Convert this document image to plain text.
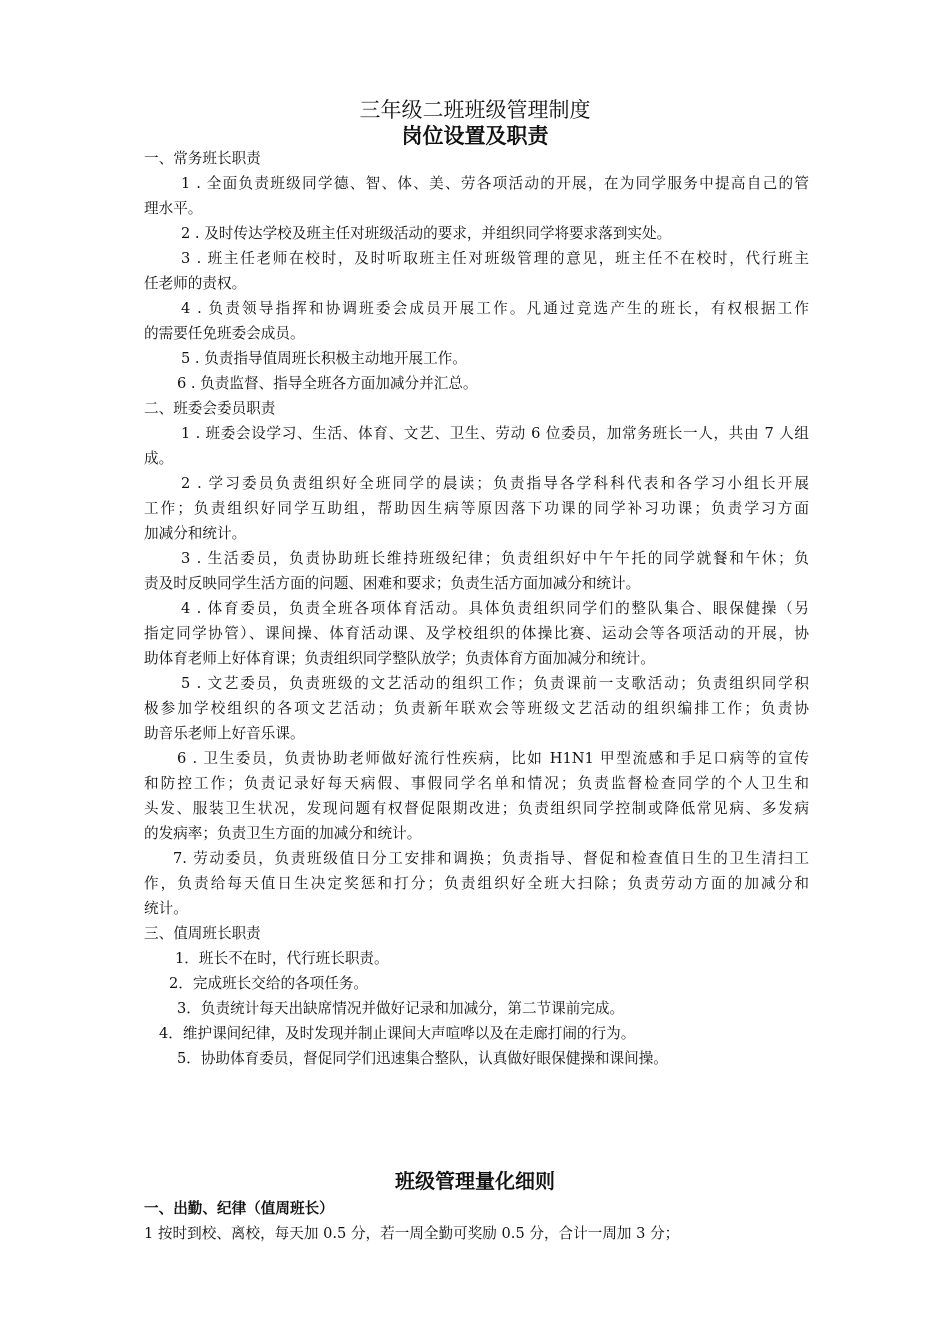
三年级二班班级管理制度
岗位设置及职责
一、常务班长职责
1 . 全面负责班级同学德、智、体、美、劳各项活动的开展，在为同学服务中提高自己的管
理水平。
2 . 及时传达学校及班主任对班级活动的要求，并组织同学将要求落到实处。
3 . 班主任老师在校时，及时听取班主任对班级管理的意见，班主任不在校时，代行班主
任老师的责权。
4 . 负责领导指挥和协调班委会成员开展工作。凡通过竞选产生的班长，有权根据工作
的需要任免班委会成员。
5 . 负责指导值周班长积极主动地开展工作。
6 . 负责监督、指导全班各方面加减分并汇总。
二、班委会委员职责
1 . 班委会设学习、生活、体育、文艺、卫生、劳动 6 位委员，加常务班长一人，共由 7 人组
成。
2 . 学习委员负责组织好全班同学的晨读；负责指导各学科科代表和各学习小组长开展
工作；负责组织好同学互助组，帮助因生病等原因落下功课的同学补习功课；负责学习方面
加减分和统计。
3 . 生活委员，负责协助班长维持班级纪律；负责组织好中午午托的同学就餐和午休；负
责及时反映同学生活方面的问题、困难和要求；负责生活方面加减分和统计。
4 . 体育委员，负责全班各项体育活动。具体负责组织同学们的整队集合、眼保健操（另
指定同学协管）、课间操、体育活动课、及学校组织的体操比赛、运动会等各项活动的开展，协
助体育老师上好体育课；负责组织同学整队放学；负责体育方面加减分和统计。
5 . 文艺委员，负责班级的文艺活动的组织工作；负责课前一支歌活动；负责组织同学积
极参加学校组织的各项文艺活动；负责新年联欢会等班级文艺活动的组织编排工作；负责协
助音乐老师上好音乐课。
6 . 卫生委员，负责协助老师做好流行性疾病，比如 H1N1 甲型流感和手足口病等的宣传
和防控工作；负责记录好每天病假、事假同学名单和情况；负责监督检查同学的个人卫生和
头发、服装卫生状况，发现问题有权督促限期改进；负责组织同学控制或降低常见病、多发病
的发病率；负责卫生方面的加减分和统计。
7. 劳动委员，负责班级值日分工安排和调换；负责指导、督促和检查值日生的卫生清扫工
作，负责给每天值日生决定奖惩和打分；负责组织好全班大扫除；负责劳动方面的加减分和
统计。
三、值周班长职责
1．班长不在时，代行班长职责。
2．完成班长交给的各项任务。
3．负责统计每天出缺席情况并做好记录和加减分，第二节课前完成。
4．维护课间纪律，及时发现并制止课间大声喧哗以及在走廊打闹的行为。
5．协助体育委员，督促同学们迅速集合整队，认真做好眼保健操和课间操。
班级管理量化细则
一、出勤、纪律（值周班长）
1 按时到校、离校，每天加 0.5 分，若一周全勤可奖励 0.5 分，合计一周加 3 分；
